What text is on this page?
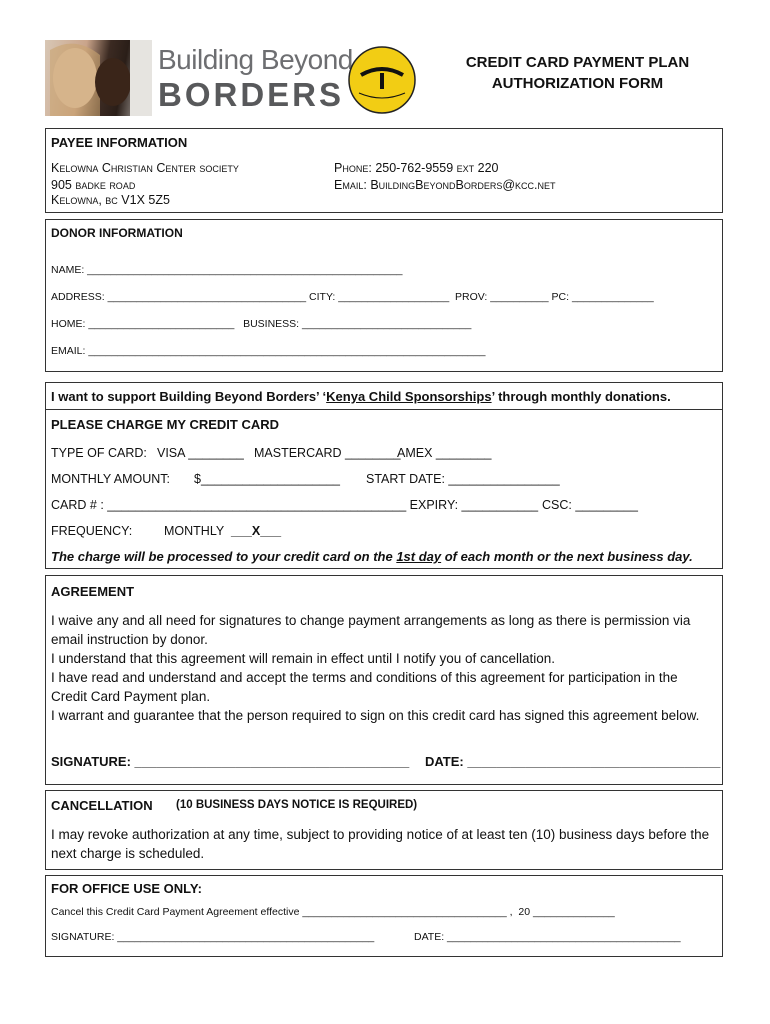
Building Beyond
BORDERS
CREDIT CARD PAYMENT PLAN
AUTHORIZATION FORM
PAYEE INFORMATION
Kelowna Christian Center society
905 badke road
Kelowna, bc V1X 5Z5
Phone: 250-762-9559 ext 220
Email: BuildingBeyondBorders@kcc.net
DONOR INFORMATION
NAME: ______________________________________________________
ADDRESS: __________________________________ CITY: ___________________  PROV: __________ PC: ______________
HOME: _________________________   BUSINESS: _____________________________
EMAIL: ____________________________________________________________________
I want to support Building Beyond Borders’ ‘Kenya Child Sponsorships’ through monthly donations.
PLEASE CHARGE MY CREDIT CARD
TYPE OF CARD: VISA ________ MASTERCARD ________
AMEX ________
MONTHLY AMOUNT: $____________________ START DATE: ________________
CARD # : ___________________________________________ EXPIRY: ___________ CSC: _________
FREQUENCY:	MONTHLY ___X___
The charge will be processed to your credit card on the 1st day of each month or the next business day.
AGREEMENT
I waive any and all need for signatures to change payment arrangements as long as there is permission via email instruction by donor.
I understand that this agreement will remain in effect until I notify you of cancellation.
I have read and understand and accept the terms and conditions of this agreement for participation in the Credit Card Payment plan.
I warrant and guarantee that the person required to sign on this credit card has signed this agreement below.
SIGNATURE: ______________________________________ DATE: ___________________________________
CANCELLATION (10 BUSINESS DAYS NOTICE IS REQUIRED)
I may revoke authorization at any time, subject to providing notice of at least ten (10) business days before the next charge is scheduled.
FOR OFFICE USE ONLY:
Cancel this Credit Card Payment Agreement effective ___________________________________ ,  20 ______________
SIGNATURE: ____________________________________________	DATE: ________________________________________
